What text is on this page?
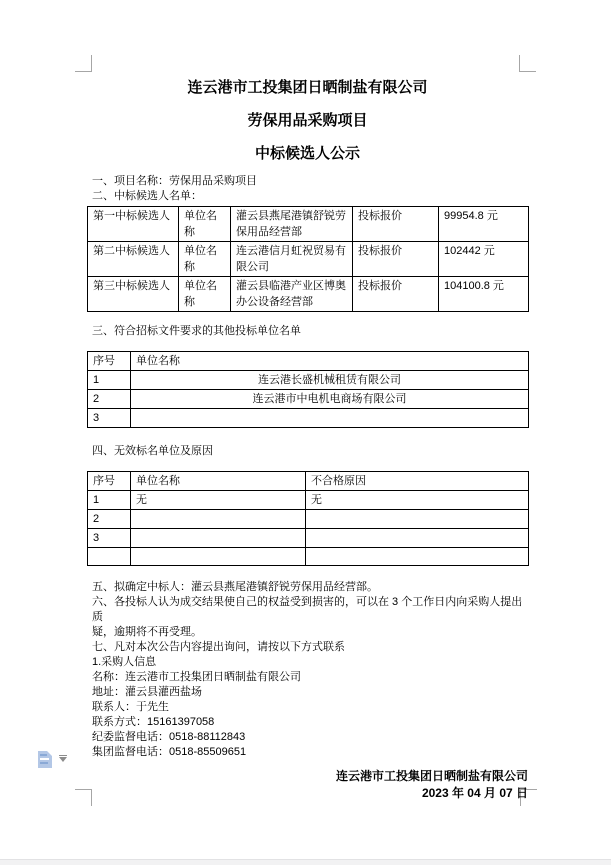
连云港市工投集团日晒制盐有限公司
劳保用品采购项目
中标候选人公示
一、项目名称：劳保用品采购项目
二、中标候选人名单：
第一中标候选人	单位名称	灌云县燕尾港镇舒锐劳保用品经营部	投标报价	99954.8 元
第二中标候选人	单位名称	连云港信月虹祝贸易有限公司	投标报价	102442 元
第三中标候选人	单位名称	灌云县临港产业区博奥办公设备经营部	投标报价	104100.8 元
三、符合招标文件要求的其他投标单位名单
序号	单位名称
1	连云港长盛机械租赁有限公司
2	连云港市中电机电商场有限公司
3	
四、无效标名单位及原因
序号	单位名称	不合格原因
1	无	无
2		
3		

五、拟确定中标人：灌云县燕尾港镇舒锐劳保用品经营部。
六、各投标人认为成交结果使自己的权益受到损害的，可以在 3 个工作日内向采购人提出质
疑，逾期将不再受理。
七、凡对本次公告内容提出询问，请按以下方式联系
1.采购人信息
名称：连云港市工投集团日晒制盐有限公司
地址：灌云县灌西盐场
联系人：于先生
联系方式：15161397058
纪委监督电话：0518-88112843
集团监督电话：0518-85509651
连云港市工投集团日晒制盐有限公司
2023 年 04 月 07 日
